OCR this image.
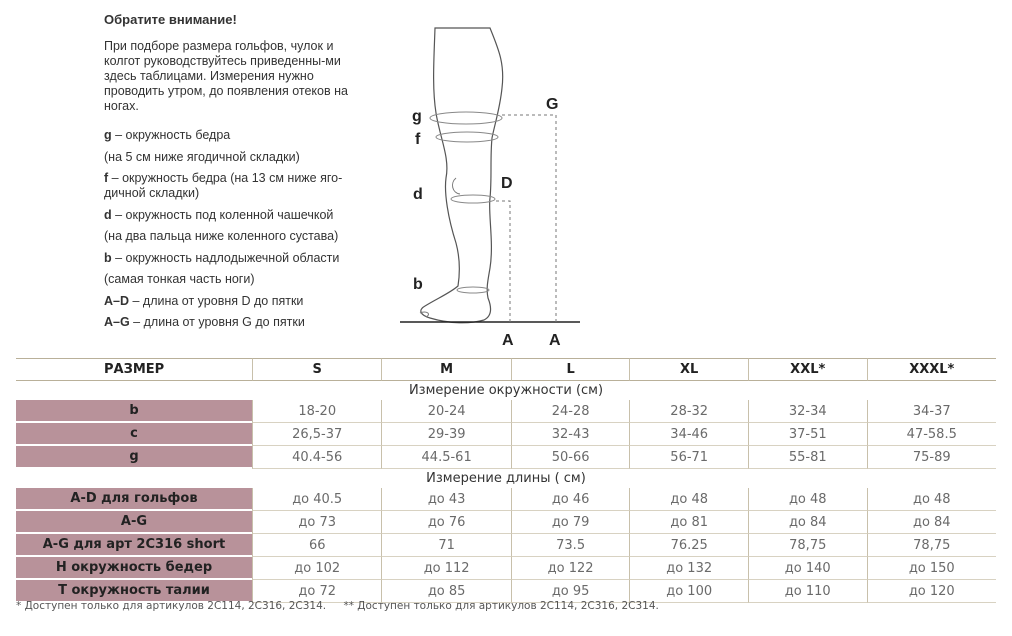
Обратите внимание!
При подборе размера гольфов, чулок и колгот руководствуйтесь приведенны-ми здесь таблицами. Измерения нужно проводить утром, до появления отеков на ногах.
g – окружность бедра
(на 5 см ниже ягодичной складки)
f – окружность бедра (на 13 см ниже яго-дичной складки)
d – окружность под коленной чашечкой
(на два пальца ниже коленного сустава)
b – окружность надлодыжечной области
(самая тонкая часть ноги)
A–D – длина от уровня D до пятки
A–G – длина от уровня G до пятки
g
f
d
b
G
D
A A
РАЗМЕР	S	M	L	XL	XXL*	XXXL*
Измерение окружности (см)						
b	18-20	20-24	24-28	28-32	32-34	34-37
c	26,5-37	29-39	32-43	34-46	37-51	47-58.5
g	40.4-56	44.5-61	50-66	56-71	55-81	75-89
Измерение длины ( см)						
A-D для гольфов	до 40.5	до 43	до 46	до 48	до 48	до 48
A-G	до 73	до 76	до 79	до 81	до 84	до 84
A-G для арт 2С316 short	66	71	73.5	76.25	78,75	78,75
H окружность бедер	до 102	до 112	до 122	до 132	до 140	до 150
T окружность талии	до 72	до 85	до 95	до 100	до 110	до 120
* Доступен только для артикулов 2С114, 2С316, 2С314. ** Доступен только для артикулов 2С114, 2С316, 2С314.
